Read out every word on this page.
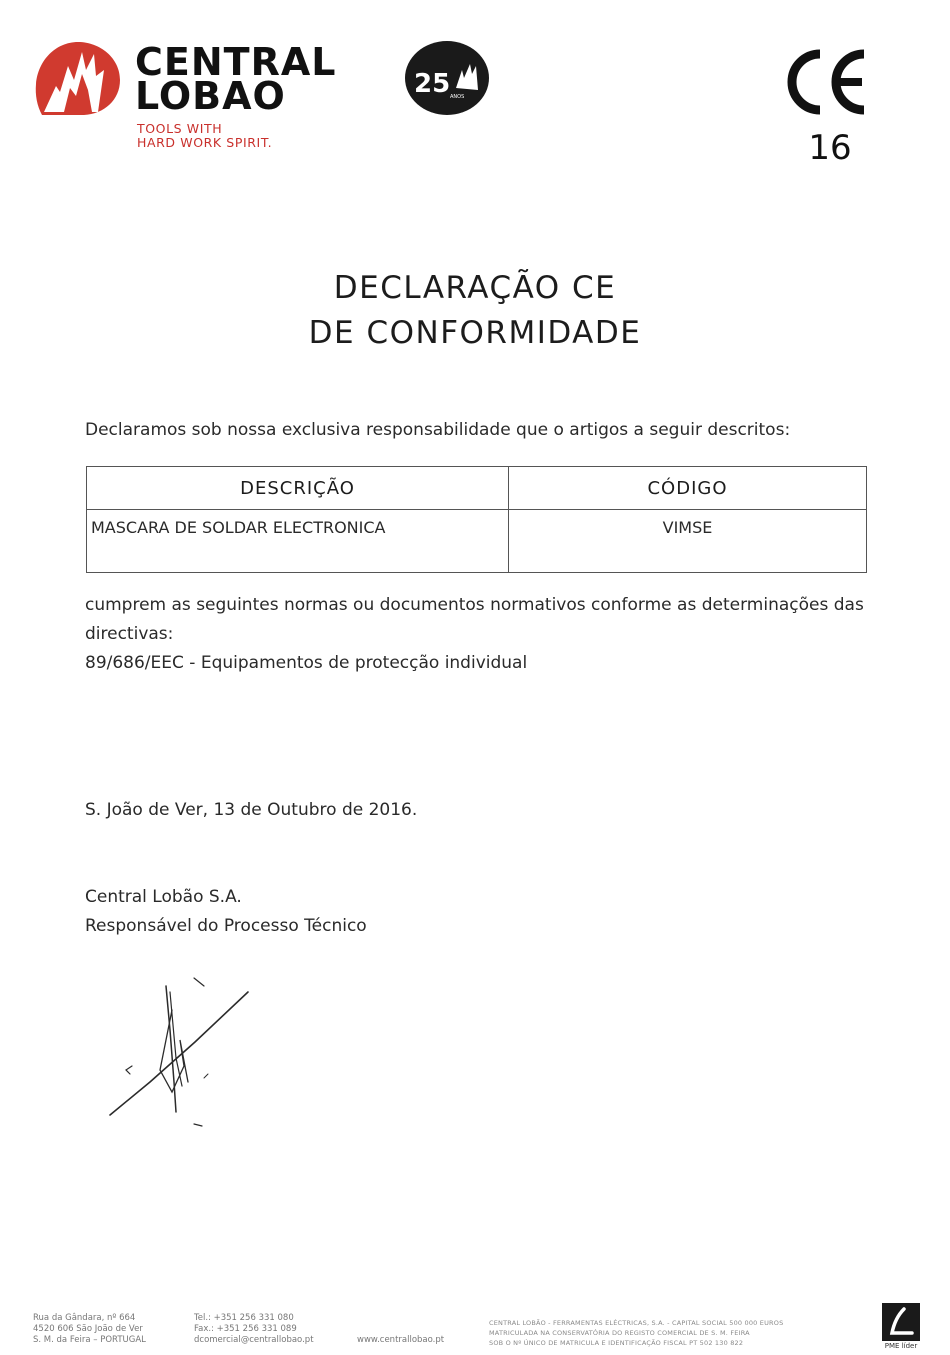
CENTRAL
LOBAO
TOOLS WITH
HARD WORK SPIRIT.
25 ANOS
16
DECLARAÇÃO CE
DE CONFORMIDADE
Declaramos sob nossa exclusiva responsabilidade que o artigos a seguir descritos:
DESCRIÇÃO	CÓDIGO
MASCARA DE SOLDAR ELECTRONICA	VIMSE
cumprem as seguintes normas ou documentos normativos conforme as determinações das directivas:
89/686/EEC - Equipamentos de protecção individual
S. João de Ver, 13 de Outubro de 2016.
Central Lobão S.A.
Responsável do Processo Técnico
Rua da Gândara, nº 664
4520 606 São João de Ver
S. M. da Feira – PORTUGAL
Tel.: +351 256 331 080
Fax.: +351 256 331 089
dcomercial@centrallobao.pt	www.centrallobao.pt
CENTRAL LOBÃO - FERRAMENTAS ELÉCTRICAS, S.A. - CAPITAL SOCIAL 500 000 EUROS
MATRICULADA NA CONSERVATÓRIA DO REGISTO COMERCIAL DE S. M. FEIRA
SOB O Nº ÚNICO DE MATRICULA E IDENTIFICAÇÃO FISCAL PT 502 130 822	PME líder
